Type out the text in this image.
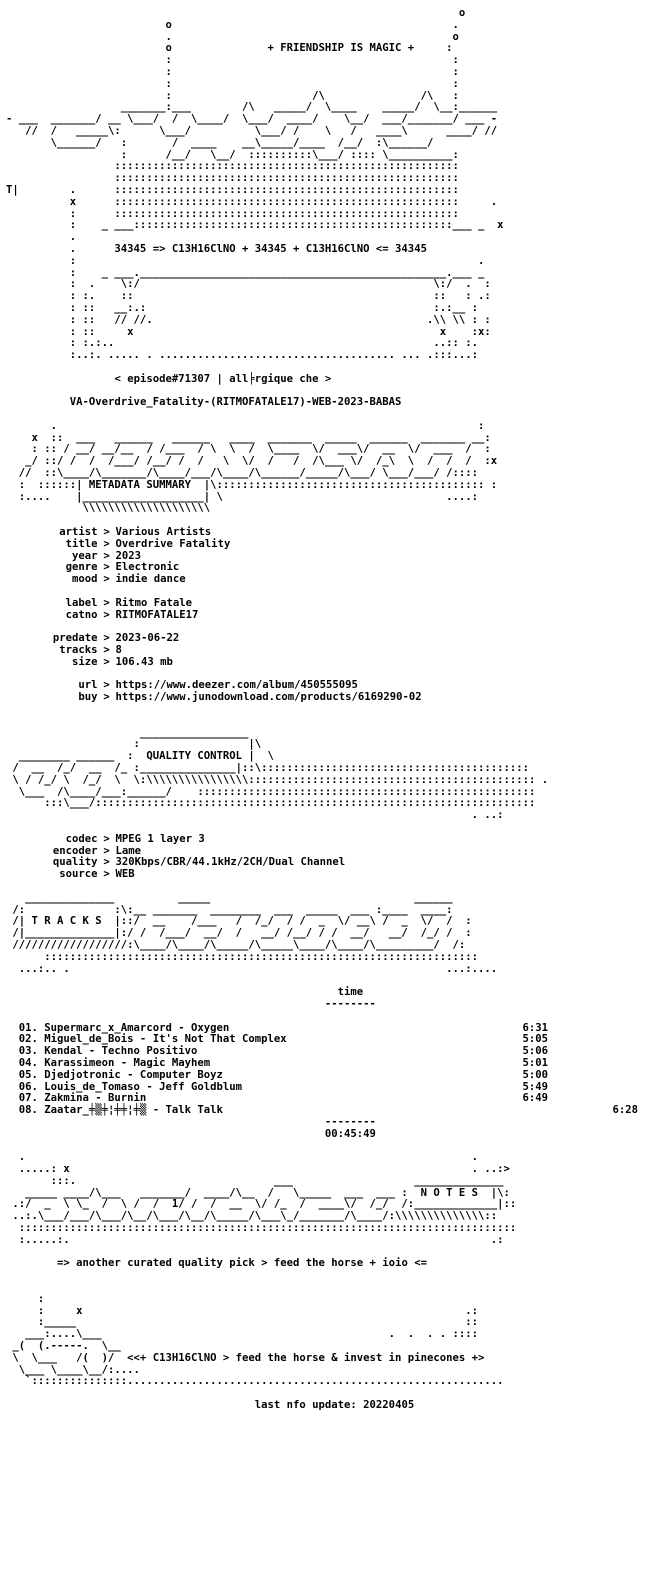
o
o                                            .
.                                            o
o               + FRIENDSHIP IS MAGIC +     :
:                                            :
:                                            :
:                                            :
:                      /\               /\   :
_______:___        /\   _____/  \____    _____/  \__:______
- ___  _______/ __ \___/  /  \____/  \___/  ____/    \__/  ___/_______/ ___ -
//  /   _____\:      \___/          \___/ /    \   /   ____\      ____/ //
\______/   :       /  ____    __\_____/____  /__/  :\______/
:      /__/   \__/  ::::::::::\___/ :::: \__________:
::::::::::::::::::::::::::::::::::::::::::::::::::::::
::::::::::::::::::::::::::::::::::::::::::::::::::::::
T|        .      ::::::::::::::::::::::::::::::::::::::::::::::::::::::
x      ::::::::::::::::::::::::::::::::::::::::::::::::::::::     .
:      ::::::::::::::::::::::::::::::::::::::::::::::::::::::
:    _ ___::::::::::::::::::::::::::::::::::::::::::::::::::___ _  x
.
.      34345 => C13H16ClNO + 34345 + C13H16ClNO <= 34345
:                                                               .
:    _ ___.________________________________________________.___ _
:  .    \:/                                              \:/  .  :
: :.    ::                                               ::   : .:
: ::   __:.:                                             :.:__ :
: ::   // //.                                           .\\ \\ : :
: ::     x                                                x    :x:
: :.:..                                                  ..:: :.
:..:. ..... . ..................................... ... .:::...:
< episode#71307 | all╞rgique che >
VA-Overdrive_Fatality-(RITMOFATALE17)-WEB-2023-BABAS
.                                                                  :
x  ::  ___   ______   ______   ____  _______  _____  ______  _______ __:
: :: / __/ __/__  / /___  / \  \  /  \____  \/  ___\/  __  \/  ___  /  :
_/ ::/ /  /  /___/ /__/ /  /   \  \/  /   /  /\___ \/  /_\  \  /  /  /  :x
//  ::\____/\_______/\____/___/\____/\______/_____/\___/ \___/___/ /::::
:  ::::::| METADATA SUMMARY  |\:::::::::::::::::::::::::::::::::::::::::: :
:....    |___________________| \                                   ....:
\\\\\\\\\\\\\\\\\\\\
artist > Various Artists
title > Overdrive Fatality
year > 2023
genre > Electronic
mood > indie dance
label > Ritmo Fatale
catno > RITMOFATALE17
predate > 2023-06-22
tracks > 8
size > 106.43 mb
url > https://www.deezer.com/album/450555095
buy > https://www.junodownload.com/products/6169290-02
_________________
:                 |\
________ ______  :  QUALITY CONTROL |  \
/  __  /_/  __  /_ :_______________|::\::::::::::::::::::::::::::::::::::::::::::
\ / /_/ \  /_/  \  \:\\\\\\\\\\\\\\\\::::::::::::::::::::::::::::::::::::::::::::: .
\___  /\____/___:______/    :::::::::::::::::::::::::::::::::::::::::::::::::::::
:::\___/:::::::::::::::::::::::::::::::::::::::::::::::::::::::::::::::::::::
. ..:
codec > MPEG 1 layer 3
encoder > Lame
quality > 320Kbps/CBR/44.1kHz/2CH/Dual Channel
source > WEB
______________          _____                                ______
/:              :\:__ _______  ________  ___  _____  ___ :____  ____:
/| T R A C K S  |::/  __    /___   /  /_/  / /  _  \/ __\ /  _  \/  /  :
/|______________|:/ /  /___/  __/  /   __/ /__/ / /  __/   __/  /_/ /  :
//////////////////:\____/\____/\_____/\_____\____/\____/\_________/  /:
::::::::::::::::::::::::::::::::::::::::::::::::::::::::::::::::::::
...:.. .                                                           ...:....
time
--------
01. Supermarc_x_Amarcord - Oxygen	6:31
02. Miguel_de_Bois - It's Not That Complex	5:05
03. Kendal - Techno Positivo	5:06
04. Karassimeon - Magic Mayhem	5:01
05. Djedjotronic - Computer Boyz	5:00
06. Louis_de_Tomaso - Jeff Goldblum	5:49
07. Zakmina - Burnin	6:49
08. Zaatar_╪▒╪¦╪╪¦╪▒ - Talk Talk	6:28
--------
00:45:49
.                                                                      .
.....: x                                                               . ..:>
:::.                               ___                   ______________
_____ ____/\___   _______/  ____/\__  /   \_____  ___  ___ :  N O T E S  |\:
.:/  _  \ \_  /  \ /  /  1/ /  /  __  \/ /_  /  ____\/  /_/  /:_____________|::
..:.\___/___/\___/\__/\___/\__/\_____/\___\_/_______/\____/:\\\\\\\\\\\\\\::
::::::::::::::::::::::::::::::::::::::::::::::::::::::::::::::::::::::::::::::
:.....:.                                                                  .:
=> another curated quality pick > feed the horse + ioio <=
:
:     x                                                            .:
:_____                                                             ::
___:....\___                                             .  .  . . ::::
_(  (.-----.  \__
\  \___   /(  )/  <<+ C13H16ClNO > feed the horse & invest in pinecones +>
\___ \____\__/:....
`:::::::::::::::...........................................................
last nfo update: 20220405
